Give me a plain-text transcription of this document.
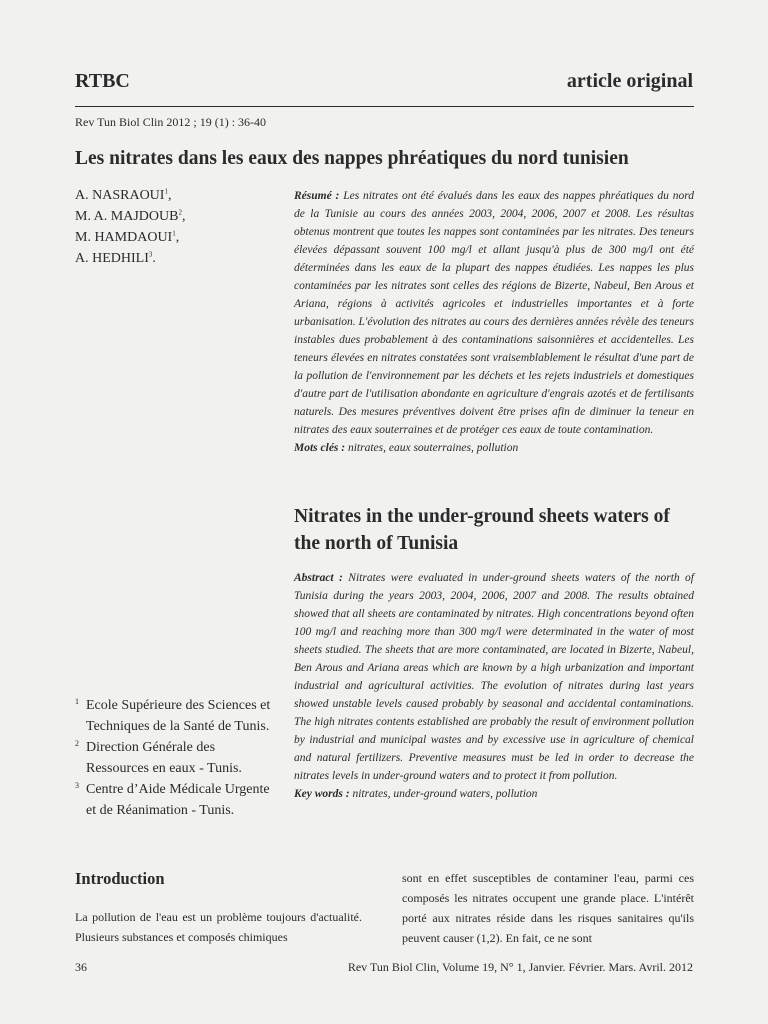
RTBC	article original
Rev Tun Biol Clin 2012 ; 19 (1) : 36-40
Les nitrates dans les eaux des nappes phréatiques du nord tunisien
A. NASRAOUI$^1$,
M. A. MAJDOUB$^2$,
M. HAMDAOUI$^1$,
A. HEDHILI$^3$.
Résumé : Les nitrates ont été évalués dans les eaux des nappes phréatiques du nord de la Tunisie au cours des années 2003, 2004, 2006, 2007 et 2008. Les résultas obtenus montrent que toutes les nappes sont contaminées par les nitrates. Des teneurs élevées dépassant souvent 100 mg/l et allant jusqu'à plus de 300 mg/l ont été déterminées dans les eaux de la plupart des nappes étudiées. Les nappes les plus contaminées par les nitrates sont celles des régions de Bizerte, Nabeul, Ben Arous et Ariana, régions à activités agricoles et industrielles importantes et à forte urbanisation. L'évolution des nitrates au cours des dernières années révèle des teneurs instables dues probablement à des contaminations saisonnières et accidentelles. Les teneurs élevées en nitrates constatées sont vraisemblablement le résultat d'une part de la pollution de l'environnement par les déchets et les rejets industriels et domestiques d'autre part de l'utilisation abondante en agriculture d'engrais azotés et de fertilisants naturels. Des mesures préventives doivent être prises afin de diminuer la teneur en nitrates des eaux souterraines et de protéger ces eaux de toute contamination.
Mots clés : nitrates, eaux souterraines, pollution
Nitrates in the under-ground sheets waters of the north of Tunisia
Abstract : Nitrates were evaluated in under-ground sheets waters of the north of Tunisia during the years 2003, 2004, 2006, 2007 and 2008. The results obtained showed that all sheets are contaminated by nitrates. High concentrations beyond often 100 mg/l and reaching more than 300 mg/l were determinated in the water of most sheets studied. The sheets that are more contaminated, are located in Bizerte, Nabeul, Ben Arous and Ariana areas which are known by a high urbanization and important industrial and agricultural activities. The evolution of nitrates during last years showed unstable levels caused probably by seasonal and accidental contaminations. The high nitrates contents established are probably the result of environment pollution by industrial and municipal wastes and by excessive use in agriculture of chemical and natural fertilizers. Preventive measures must be led in order to decrease the nitrates levels in under-ground waters and to protect it from pollution.
Key words : nitrates, under-ground waters, pollution
1 Ecole Supérieure des Sciences et Techniques de la Santé de Tunis.
2 Direction Générale des Ressources en eaux - Tunis.
3 Centre d’Aide Médicale Urgente et de Réanimation - Tunis.
Introduction
La pollution de l'eau est un problème toujours d'actualité. Plusieurs substances et composés chimiques
sont en effet susceptibles de contaminer l'eau, parmi ces composés les nitrates occupent une grande place. L'intérêt porté aux nitrates réside dans les risques sanitaires qu'ils peuvent causer (1,2). En fait, ce ne sont
36	Rev Tun Biol Clin, Volume 19, N° 1, Janvier. Février. Mars. Avril. 2012
